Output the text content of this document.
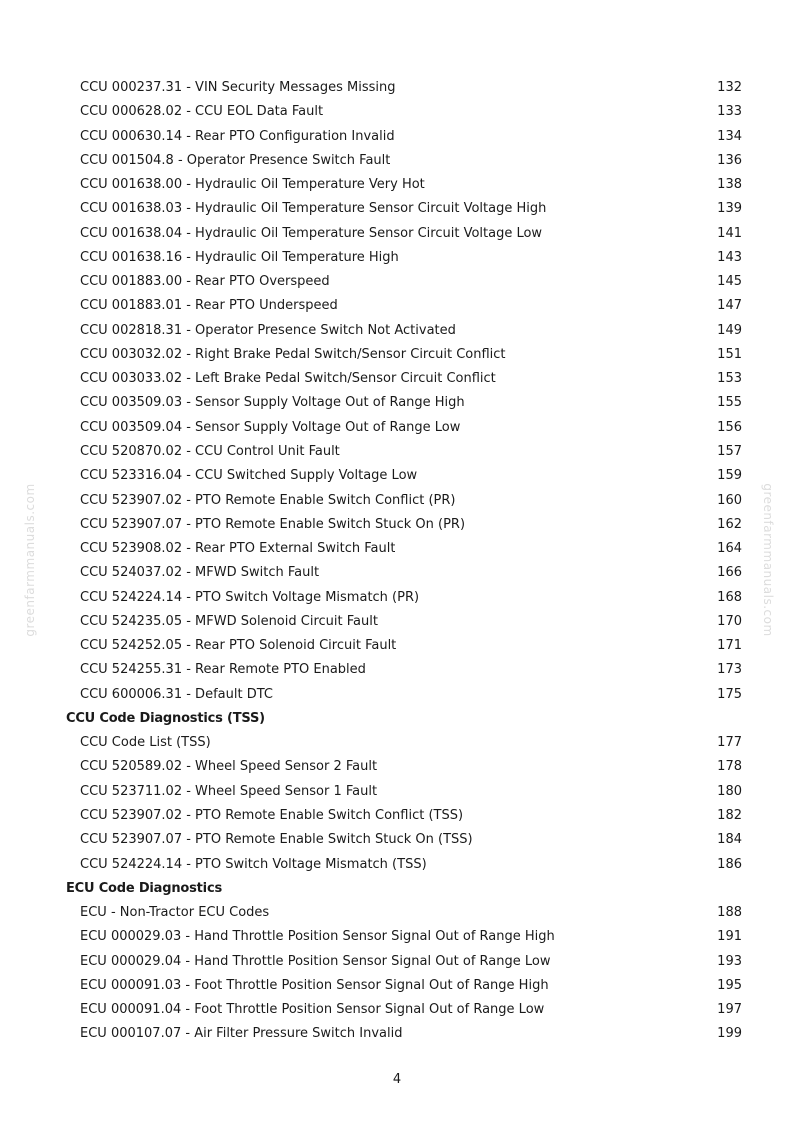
greenfarmmanuals.com	greenfarmmanuals.com
CCU 000237.31 - VIN Security Messages Missing	132
CCU 000628.02 - CCU EOL Data Fault	133
CCU 000630.14 - Rear PTO Configuration Invalid	134
CCU 001504.8 - Operator Presence Switch Fault	136
CCU 001638.00 - Hydraulic Oil Temperature Very Hot	138
CCU 001638.03 - Hydraulic Oil Temperature Sensor Circuit Voltage High	139
CCU 001638.04 - Hydraulic Oil Temperature Sensor Circuit Voltage Low	141
CCU 001638.16 - Hydraulic Oil Temperature High	143
CCU 001883.00 - Rear PTO Overspeed	145
CCU 001883.01 - Rear PTO Underspeed	147
CCU 002818.31 - Operator Presence Switch Not Activated	149
CCU 003032.02 - Right Brake Pedal Switch/Sensor Circuit Conflict	151
CCU 003033.02 - Left Brake Pedal Switch/Sensor Circuit Conflict	153
CCU 003509.03 - Sensor Supply Voltage Out of Range High	155
CCU 003509.04 - Sensor Supply Voltage Out of Range Low	156
CCU 520870.02 - CCU Control Unit Fault	157
CCU 523316.04 - CCU Switched Supply Voltage Low	159
CCU 523907.02 - PTO Remote Enable Switch Conflict (PR)	160
CCU 523907.07 - PTO Remote Enable Switch Stuck On (PR)	162
CCU 523908.02 - Rear PTO External Switch Fault	164
CCU 524037.02 - MFWD Switch Fault	166
CCU 524224.14 - PTO Switch Voltage Mismatch (PR)	168
CCU 524235.05 - MFWD Solenoid Circuit Fault	170
CCU 524252.05 - Rear PTO Solenoid Circuit Fault	171
CCU 524255.31 - Rear Remote PTO Enabled	173
CCU 600006.31 - Default DTC	175
CCU Code Diagnostics (TSS)
CCU Code List (TSS)	177
CCU 520589.02 - Wheel Speed Sensor 2 Fault	178
CCU 523711.02 - Wheel Speed Sensor 1 Fault	180
CCU 523907.02 - PTO Remote Enable Switch Conflict (TSS)	182
CCU 523907.07 - PTO Remote Enable Switch Stuck On (TSS)	184
CCU 524224.14 - PTO Switch Voltage Mismatch (TSS)	186
ECU Code Diagnostics
ECU - Non-Tractor ECU Codes	188
ECU 000029.03 - Hand Throttle Position Sensor Signal Out of Range High	191
ECU 000029.04 - Hand Throttle Position Sensor Signal Out of Range Low	193
ECU 000091.03 - Foot Throttle Position Sensor Signal Out of Range High	195
ECU 000091.04 - Foot Throttle Position Sensor Signal Out of Range Low	197
ECU 000107.07 - Air Filter Pressure Switch Invalid	199
4
